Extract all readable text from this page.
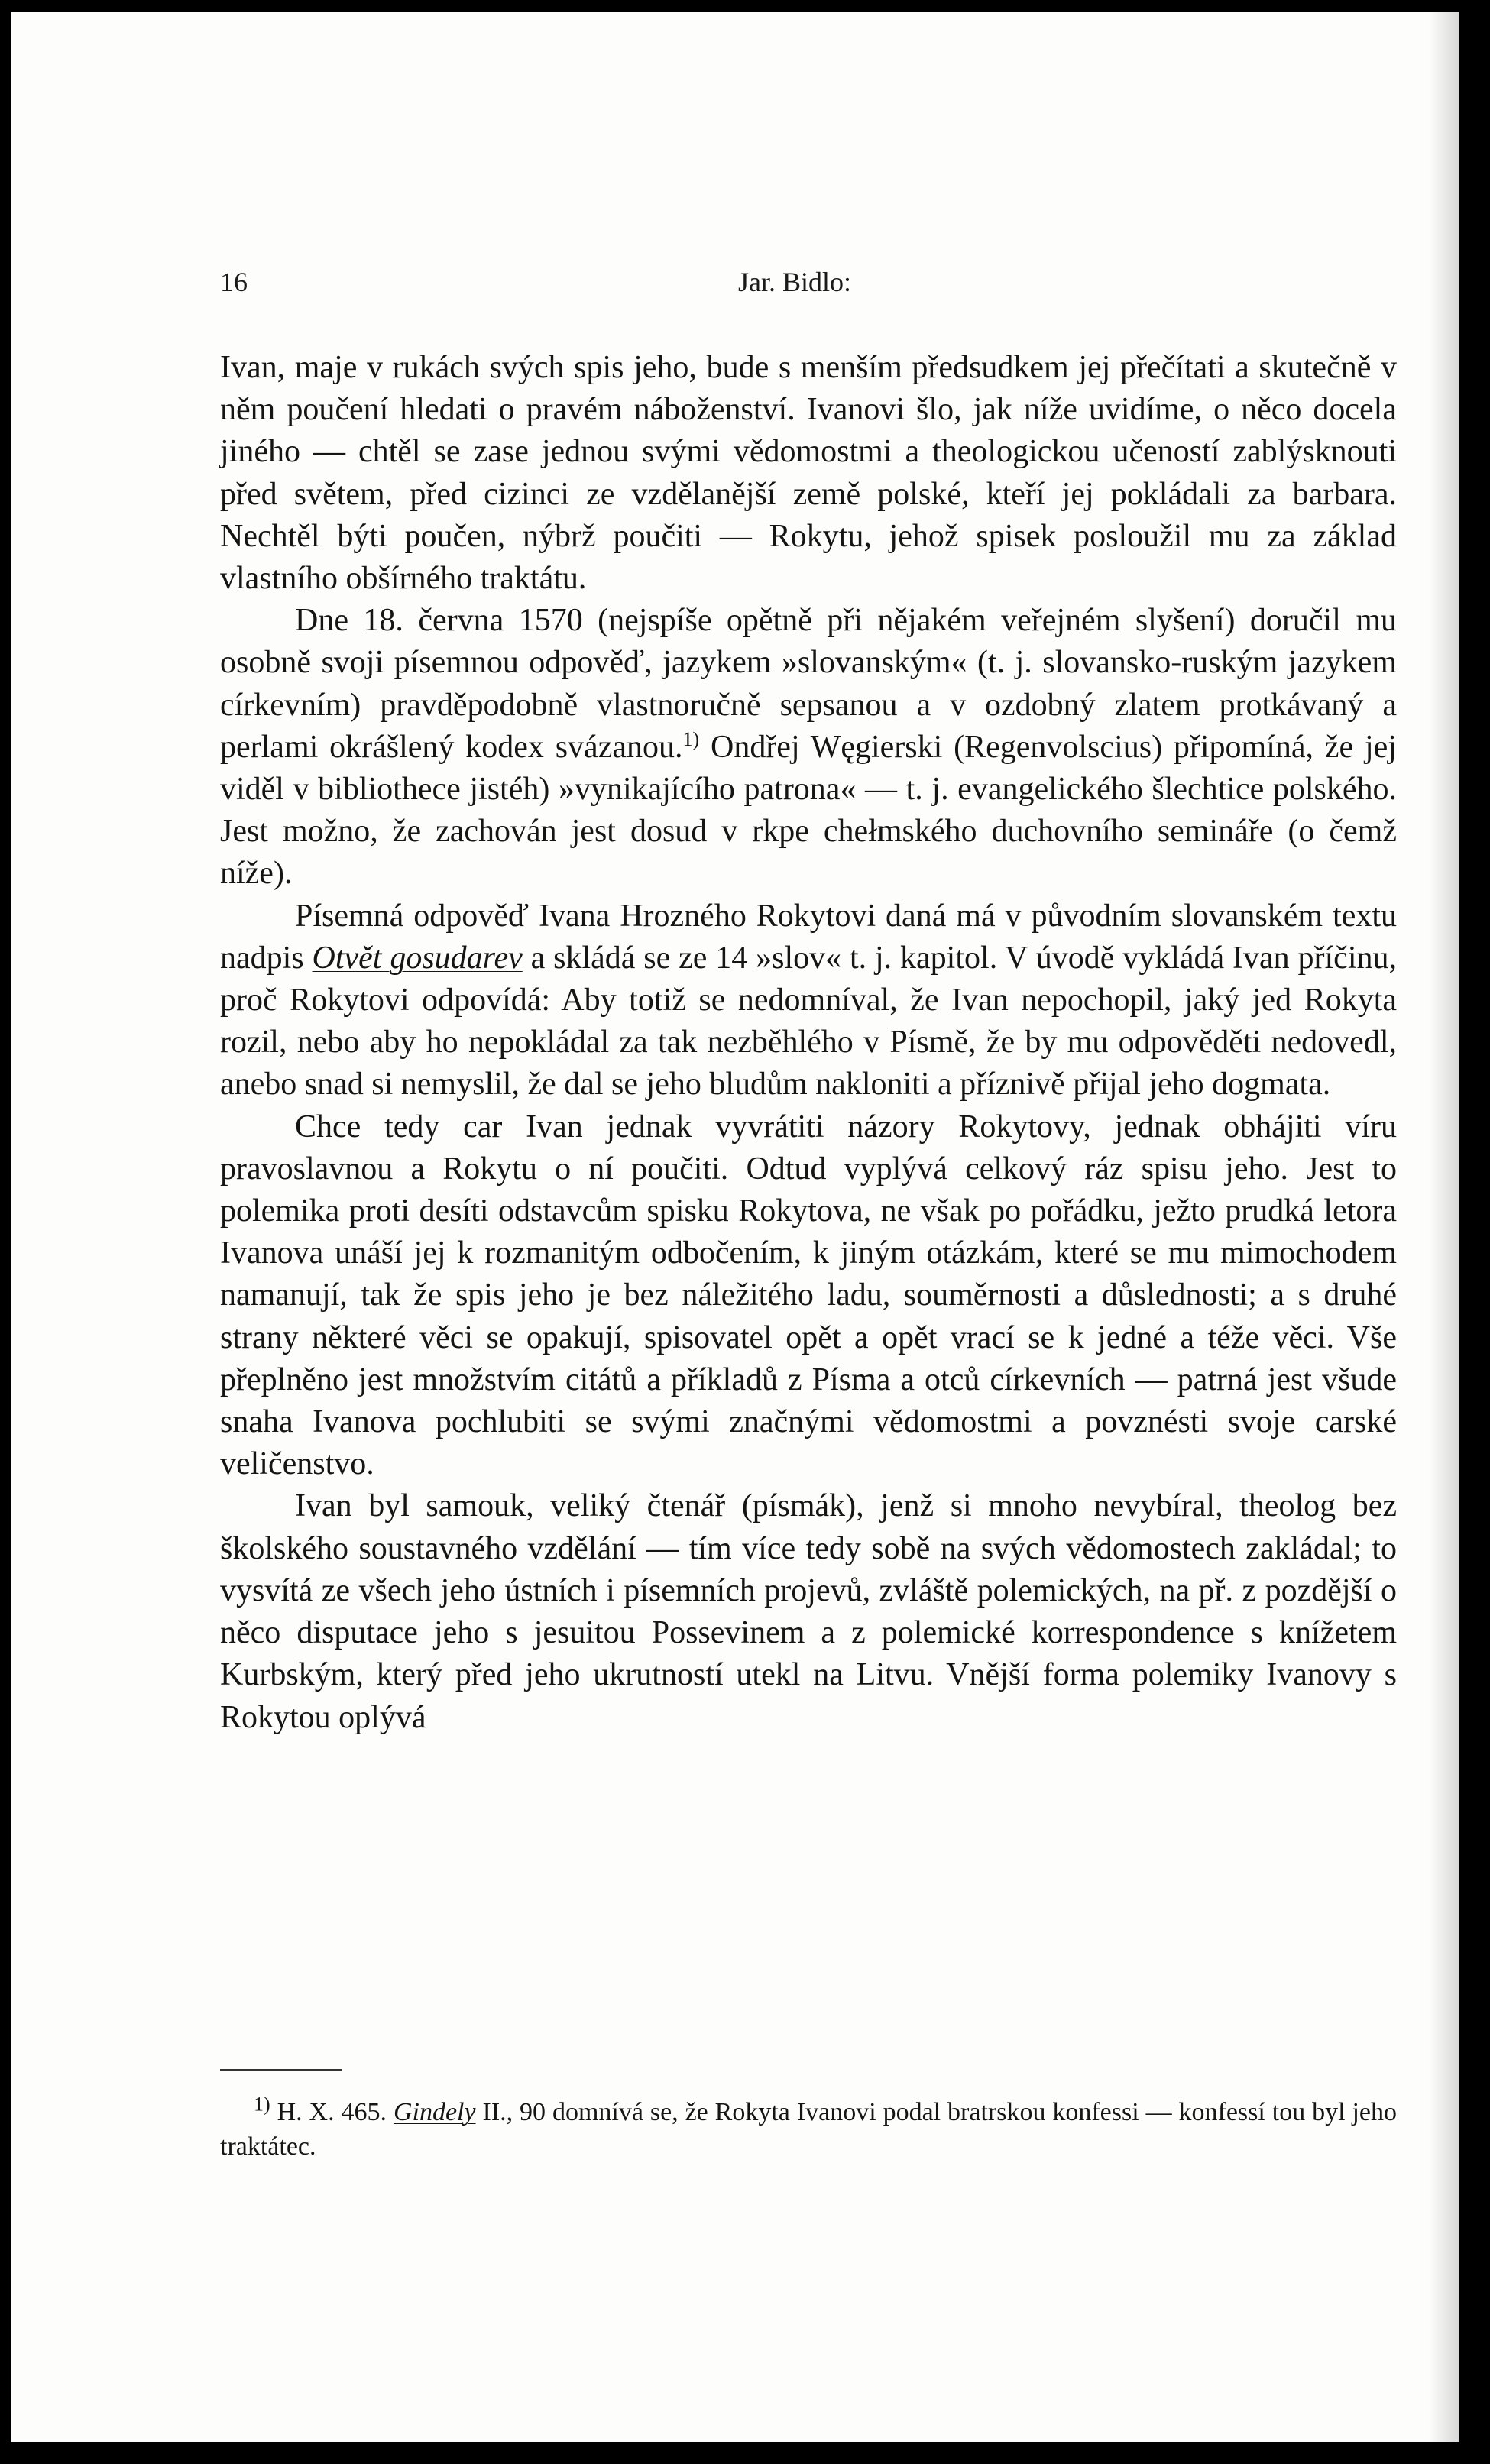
16	Jar. Bidlo:

Ivan, maje v rukách svých spis jeho, bude s menším předsudkem jej přečítati a skutečně v něm poučení hledati o pravém náboženství. Ivanovi šlo, jak níže uvidíme, o něco docela jiného — chtěl se zase jednou svými vědomostmi a theologickou učeností zablýsknouti před světem, před cizinci ze vzdělanější země polské, kteří jej pokládali za barbara. Nechtěl býti poučen, nýbrž poučiti — Rokytu, jehož spisek posloužil mu za základ vlastního obšírného traktátu.

Dne 18. června 1570 (nejspíše opětně při nějakém veřejném slyšení) doručil mu osobně svoji písemnou odpověď, jazykem »slovanským« (t. j. slovansko-ruským jazykem církevním) pravděpodobně vlastnoručně sepsanou a v ozdobný zlatem protkávaný a perlami okrášlený kodex svázanou.$^{1)}$ Ondřej Węgierski (Regenvolscius) připomíná, že jej viděl v bibliothece jistéh) »vynikajícího patrona« — t. j. evangelického šlechtice polského. Jest možno, že zachován jest dosud v rkpe chełmského duchovního semináře (o čemž níže).

Písemná odpověď Ivana Hrozného Rokytovi daná má v původním slovanském textu nadpis Otvět gosudarev a skládá se ze 14 »slov« t. j. kapitol. V úvodě vykládá Ivan příčinu, proč Rokytovi odpovídá: Aby totiž se nedomníval, že Ivan nepochopil, jaký jed Rokyta rozil, nebo aby ho nepokládal za tak nezběhlého v Písmě, že by mu odpověděti nedovedl, anebo snad si nemyslil, že dal se jeho bludům nakloniti a příznivě přijal jeho dogmata.

Chce tedy car Ivan jednak vyvrátiti názory Rokytovy, jednak obhájiti víru pravoslavnou a Rokytu o ní poučiti. Odtud vyplývá celkový ráz spisu jeho. Jest to polemika proti desíti odstavcům spisku Rokytova, ne však po pořádku, ježto prudká letora Ivanova unáší jej k rozmanitým odbočením, k jiným otázkám, které se mu mimochodem namanují, tak že spis jeho je bez náležitého ladu, souměrnosti a důslednosti; a s druhé strany některé věci se opakují, spisovatel opět a opět vrací se k jedné a téže věci. Vše přeplněno jest množstvím citátů a příkladů z Písma a otců církevních — patrná jest všude snaha Ivanova pochlubiti se svými značnými vědomostmi a povznésti svoje carské veličenstvo.

Ivan byl samouk, veliký čtenář (písmák), jenž si mnoho nevybíral, theolog bez školského soustavného vzdělání — tím více tedy sobě na svých vědomostech zakládal; to vysvítá ze všech jeho ústních i písemních projevů, zvláště polemických, na př. z pozdější o něco disputace jeho s jesuitou Possevinem a z polemické korrespondence s knížetem Kurbským, který před jeho ukrutností utekl na Litvu. Vnější forma polemiky Ivanovy s Rokytou oplývá

$^{1)}$ H. X. 465. Gindely II., 90 domnívá se, že Rokyta Ivanovi podal bratrskou konfessi — konfessí tou byl jeho traktátec.
